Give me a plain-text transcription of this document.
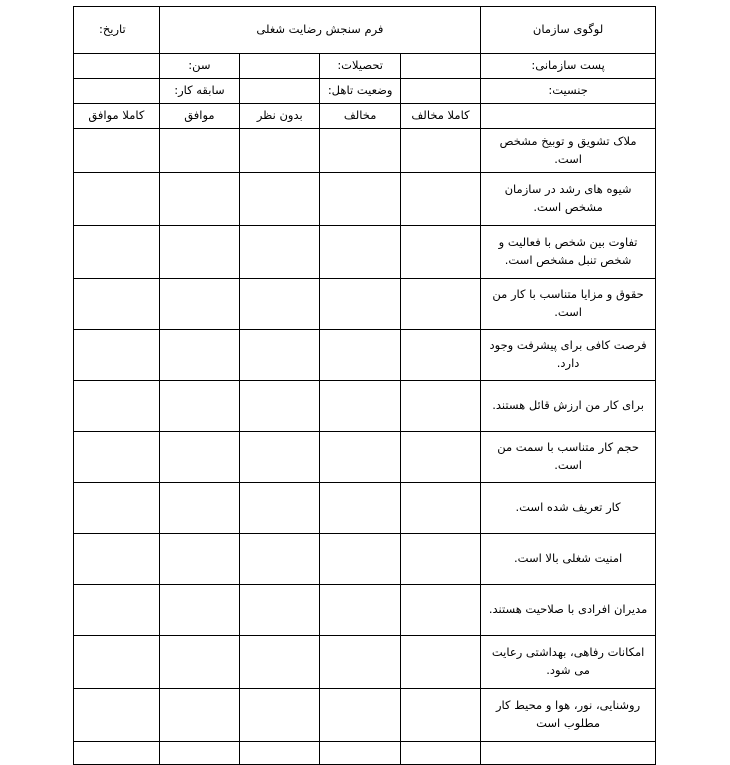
لوگوی سازمان	فرم سنجش رضایت شغلی				تاریخ:
پست سازمانی:		تحصیلات:		سن:	
جنسیت:		وضعیت تاهل:		سابقه کار:	
	کاملا مخالف	مخالف	بدون نظر	موافق	کاملا موافق
ملاک تشویق و توبیخ مشخص است.					
شیوه های رشد در سازمان مشخص است.					
تفاوت بین شخص با فعالیت و شخص تنبل مشخص است.					
حقوق و مزایا متناسب با کار من است.					
فرصت کافی برای پیشرفت وجود دارد.					
برای کار من ارزش قائل هستند.					
حجم کار متناسب با سمت من است.					
کار تعریف شده است.					
امنیت شغلی بالا است.					
مدیران افرادی با صلاحیت هستند.					
امکانات رفاهی، بهداشتی رعایت می شود.					
روشنایی، نور، هوا و محیط کار مطلوب است					
